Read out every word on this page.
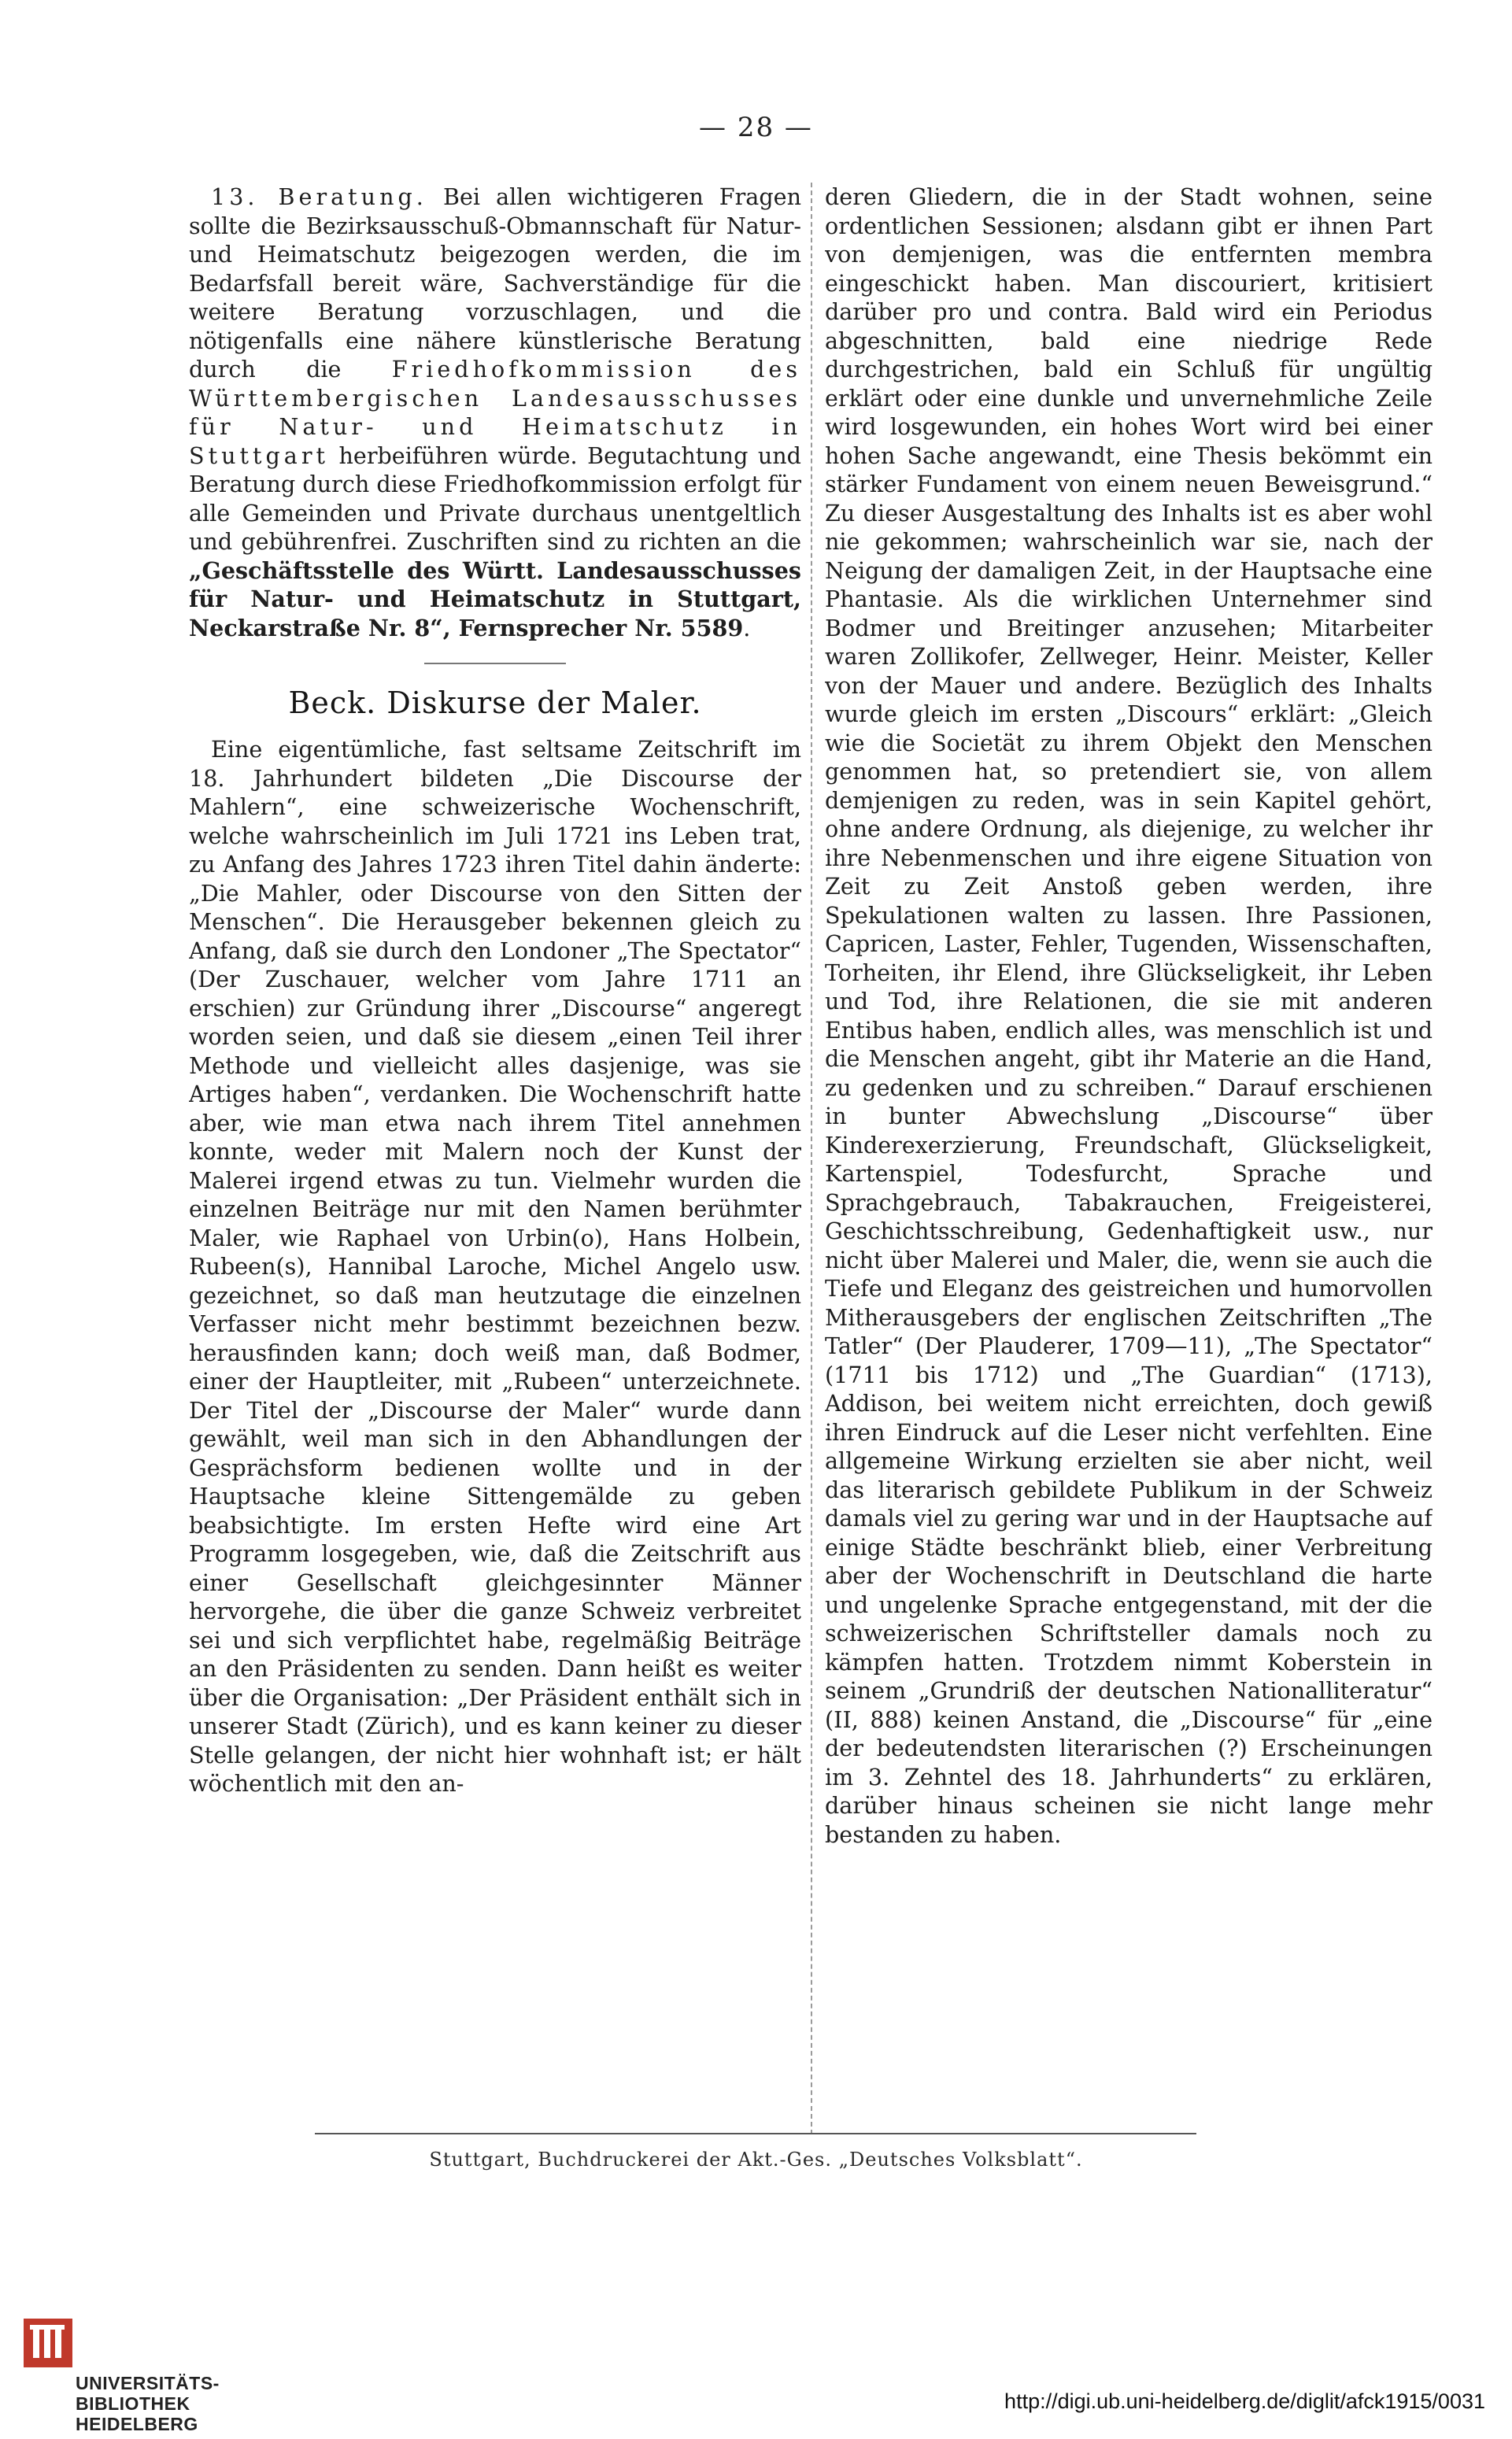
— 28 —

13. Beratung. Bei allen wichtigeren Fragen sollte die Bezirksausschuß-Obmannschaft für Natur- und Heimatschutz beigezogen werden, die im Bedarfsfall bereit wäre, Sachverständige für die weitere Beratung vorzuschlagen, und die nötigenfalls eine nähere künstlerische Beratung durch die Friedhofkommission des Württembergischen Landesausschusses für Natur- und Heimatschutz in Stuttgart herbeiführen würde. Begutachtung und Beratung durch diese Friedhofkommission erfolgt für alle Gemeinden und Private durchaus unentgeltlich und gebührenfrei. Zuschriften sind zu richten an die „Geschäftsstelle des Württ. Landesausschusses für Natur- und Heimatschutz in Stuttgart, Neckarstraße Nr. 8“, Fernsprecher Nr. 5589.

Beck. Diskurse der Maler.

Eine eigentümliche, fast seltsame Zeitschrift im 18. Jahrhundert bildeten „Die Discourse der Mahlern“, eine schweizerische Wochenschrift, welche wahrscheinlich im Juli 1721 ins Leben trat, zu Anfang des Jahres 1723 ihren Titel dahin änderte: „Die Mahler, oder Discourse von den Sitten der Menschen“. Die Herausgeber bekennen gleich zu Anfang, daß sie durch den Londoner „The Spectator“ (Der Zuschauer, welcher vom Jahre 1711 an erschien) zur Gründung ihrer „Discourse“ angeregt worden seien, und daß sie diesem „einen Teil ihrer Methode und vielleicht alles dasjenige, was sie Artiges haben“, verdanken. Die Wochenschrift hatte aber, wie man etwa nach ihrem Titel annehmen konnte, weder mit Malern noch der Kunst der Malerei irgend etwas zu tun. Vielmehr wurden die einzelnen Beiträge nur mit den Namen berühmter Maler, wie Raphael von Urbin(o), Hans Holbein, Rubeen(s), Hannibal Laroche, Michel Angelo usw. gezeichnet, so daß man heutzutage die einzelnen Verfasser nicht mehr bestimmt bezeichnen bezw. herausfinden kann; doch weiß man, daß Bodmer, einer der Hauptleiter, mit „Rubeen“ unterzeichnete. Der Titel der „Discourse der Maler“ wurde dann gewählt, weil man sich in den Abhandlungen der Gesprächsform bedienen wollte und in der Hauptsache kleine Sittengemälde zu geben beabsichtigte. Im ersten Hefte wird eine Art Programm losgegeben, wie, daß die Zeitschrift aus einer Gesellschaft gleichgesinnter Männer hervorgehe, die über die ganze Schweiz verbreitet sei und sich verpflichtet habe, regelmäßig Beiträge an den Präsidenten zu senden. Dann heißt es weiter über die Organisation: „Der Präsident enthält sich in unserer Stadt (Zürich), und es kann keiner zu dieser Stelle gelangen, der nicht hier wohnhaft ist; er hält wöchentlich mit den an-

deren Gliedern, die in der Stadt wohnen, seine ordentlichen Sessionen; alsdann gibt er ihnen Part von demjenigen, was die entfernten membra eingeschickt haben. Man discouriert, kritisiert darüber pro und contra. Bald wird ein Periodus abgeschnitten, bald eine niedrige Rede durchgestrichen, bald ein Schluß für ungültig erklärt oder eine dunkle und unvernehmliche Zeile wird losgewunden, ein hohes Wort wird bei einer hohen Sache angewandt, eine Thesis bekömmt ein stärker Fundament von einem neuen Beweisgrund.“ Zu dieser Ausgestaltung des Inhalts ist es aber wohl nie gekommen; wahrscheinlich war sie, nach der Neigung der damaligen Zeit, in der Hauptsache eine Phantasie. Als die wirklichen Unternehmer sind Bodmer und Breitinger anzusehen; Mitarbeiter waren Zollikofer, Zellweger, Heinr. Meister, Keller von der Mauer und andere. Bezüglich des Inhalts wurde gleich im ersten „Discours“ erklärt: „Gleich wie die Societät zu ihrem Objekt den Menschen genommen hat, so pretendiert sie, von allem demjenigen zu reden, was in sein Kapitel gehört, ohne andere Ordnung, als diejenige, zu welcher ihr ihre Nebenmenschen und ihre eigene Situation von Zeit zu Zeit Anstoß geben werden, ihre Spekulationen walten zu lassen. Ihre Passionen, Capricen, Laster, Fehler, Tugenden, Wissenschaften, Torheiten, ihr Elend, ihre Glückseligkeit, ihr Leben und Tod, ihre Relationen, die sie mit anderen Entibus haben, endlich alles, was menschlich ist und die Menschen angeht, gibt ihr Materie an die Hand, zu gedenken und zu schreiben.“ Darauf erschienen in bunter Abwechslung „Discourse“ über Kinderexerzierung, Freundschaft, Glückseligkeit, Kartenspiel, Todesfurcht, Sprache und Sprachgebrauch, Tabakrauchen, Freigeisterei, Geschichtsschreibung, Gedenhaftigkeit usw., nur nicht über Malerei und Maler, die, wenn sie auch die Tiefe und Eleganz des geistreichen und humorvollen Mitherausgebers der englischen Zeitschriften „The Tatler“ (Der Plauderer, 1709—11), „The Spectator“ (1711 bis 1712) und „The Guardian“ (1713), Addison, bei weitem nicht erreichten, doch gewiß ihren Eindruck auf die Leser nicht verfehlten. Eine allgemeine Wirkung erzielten sie aber nicht, weil das literarisch gebildete Publikum in der Schweiz damals viel zu gering war und in der Hauptsache auf einige Städte beschränkt blieb, einer Verbreitung aber der Wochenschrift in Deutschland die harte und ungelenke Sprache entgegenstand, mit der die schweizerischen Schriftsteller damals noch zu kämpfen hatten. Trotzdem nimmt Koberstein in seinem „Grundriß der deutschen Nationalliteratur“ (II, 888) keinen Anstand, die „Discourse“ für „eine der bedeutendsten literarischen (?) Erscheinungen im 3. Zehntel des 18. Jahrhunderts“ zu erklären, darüber hinaus scheinen sie nicht lange mehr bestanden zu haben.

Stuttgart, Buchdruckerei der Akt.-Ges. „Deutsches Volksblatt“.
UNIVERSITÄTS-
BIBLIOTHEK
HEIDELBERG
http://digi.ub.uni-heidelberg.de/diglit/afck1915/0031
